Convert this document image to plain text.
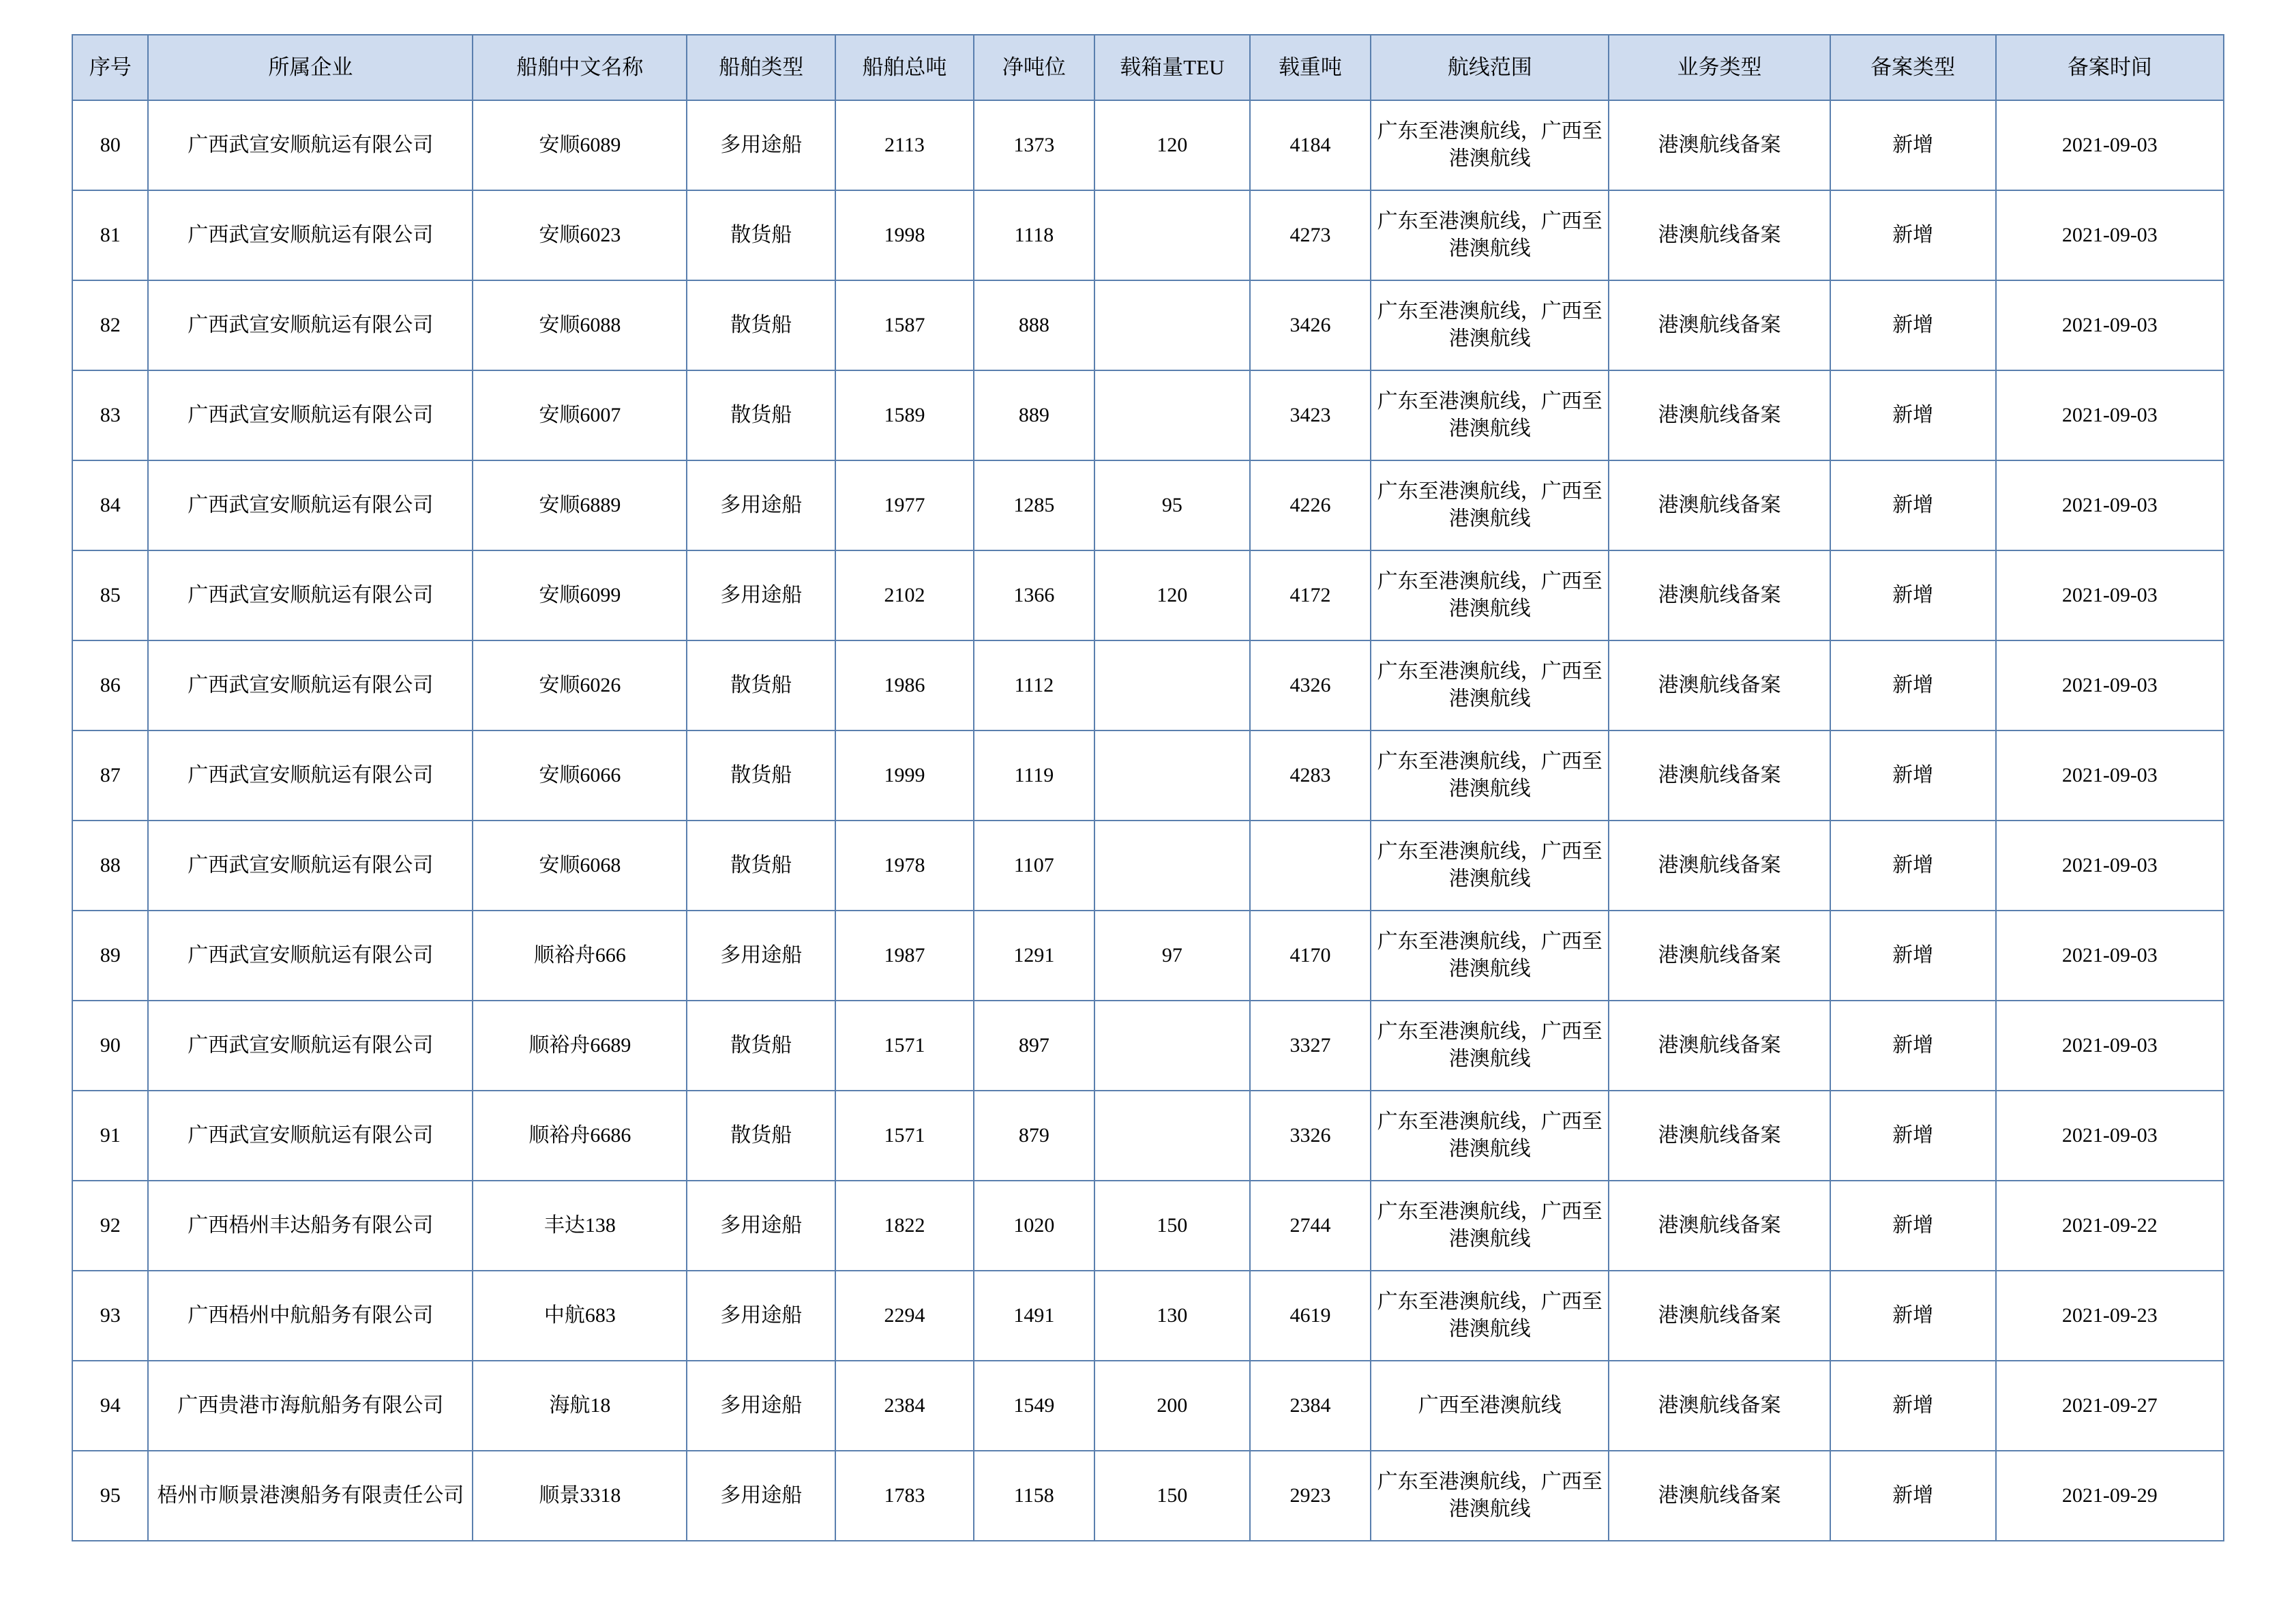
序号	所属企业	船舶中文名称	船舶类型	船舶总吨	净吨位	载箱量TEU	载重吨	航线范围	业务类型	备案类型	备案时间
80	广西武宣安顺航运有限公司	安顺6089	多用途船	2113	1373	120	4184	广东至港澳航线，广西至港澳航线	港澳航线备案	新增	2021-09-03
81	广西武宣安顺航运有限公司	安顺6023	散货船	1998	1118		4273	广东至港澳航线，广西至港澳航线	港澳航线备案	新增	2021-09-03
82	广西武宣安顺航运有限公司	安顺6088	散货船	1587	888		3426	广东至港澳航线，广西至港澳航线	港澳航线备案	新增	2021-09-03
83	广西武宣安顺航运有限公司	安顺6007	散货船	1589	889		3423	广东至港澳航线，广西至港澳航线	港澳航线备案	新增	2021-09-03
84	广西武宣安顺航运有限公司	安顺6889	多用途船	1977	1285	95	4226	广东至港澳航线，广西至港澳航线	港澳航线备案	新增	2021-09-03
85	广西武宣安顺航运有限公司	安顺6099	多用途船	2102	1366	120	4172	广东至港澳航线，广西至港澳航线	港澳航线备案	新增	2021-09-03
86	广西武宣安顺航运有限公司	安顺6026	散货船	1986	1112		4326	广东至港澳航线，广西至港澳航线	港澳航线备案	新增	2021-09-03
87	广西武宣安顺航运有限公司	安顺6066	散货船	1999	1119		4283	广东至港澳航线，广西至港澳航线	港澳航线备案	新增	2021-09-03
88	广西武宣安顺航运有限公司	安顺6068	散货船	1978	1107			广东至港澳航线，广西至港澳航线	港澳航线备案	新增	2021-09-03
89	广西武宣安顺航运有限公司	顺裕舟666	多用途船	1987	1291	97	4170	广东至港澳航线，广西至港澳航线	港澳航线备案	新增	2021-09-03
90	广西武宣安顺航运有限公司	顺裕舟6689	散货船	1571	897		3327	广东至港澳航线，广西至港澳航线	港澳航线备案	新增	2021-09-03
91	广西武宣安顺航运有限公司	顺裕舟6686	散货船	1571	879		3326	广东至港澳航线，广西至港澳航线	港澳航线备案	新增	2021-09-03
92	广西梧州丰达船务有限公司	丰达138	多用途船	1822	1020	150	2744	广东至港澳航线，广西至港澳航线	港澳航线备案	新增	2021-09-22
93	广西梧州中航船务有限公司	中航683	多用途船	2294	1491	130	4619	广东至港澳航线，广西至港澳航线	港澳航线备案	新增	2021-09-23
94	广西贵港市海航船务有限公司	海航18	多用途船	2384	1549	200	2384	广西至港澳航线	港澳航线备案	新增	2021-09-27
95	梧州市顺景港澳船务有限责任公司	顺景3318	多用途船	1783	1158	150	2923	广东至港澳航线，广西至港澳航线	港澳航线备案	新增	2021-09-29
